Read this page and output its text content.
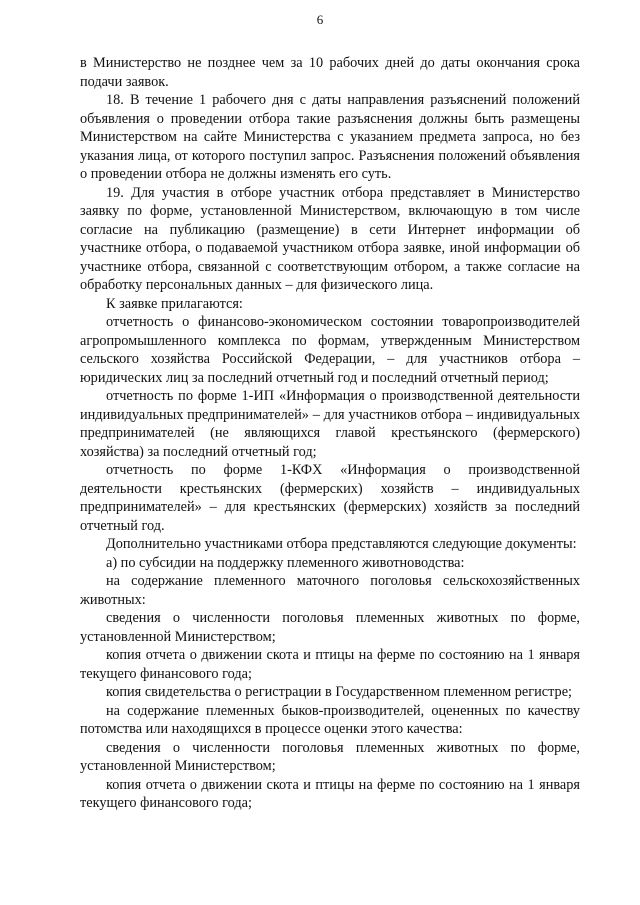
6

в Министерство не позднее чем за 10 рабочих дней до даты окончания срока подачи заявок.

18. В течение 1 рабочего дня с даты направления разъяснений положений объявления о проведении отбора такие разъяснения должны быть размещены Министерством на сайте Министерства с указанием предмета запроса, но без указания лица, от которого поступил запрос. Разъяснения положений объявления о проведении отбора не должны изменять его суть.

19. Для участия в отборе участник отбора представляет в Министерство заявку по форме, установленной Министерством, включающую в том числе согласие на публикацию (размещение) в сети Интернет информации об участнике отбора, о подаваемой участником отбора заявке, иной информации об участнике отбора, связанной с соответствующим отбором, а также согласие на обработку персональных данных – для физического лица.

К заявке прилагаются:

отчетность о финансово-экономическом состоянии товаропроизводителей агропромышленного комплекса по формам, утвержденным Министерством сельского хозяйства Российской Федерации, – для участников отбора – юридических лиц за последний отчетный год и последний отчетный период;

отчетность по форме 1-ИП «Информация о производственной деятельности индивидуальных предпринимателей» – для участников отбора – индивидуальных предпринимателей (не являющихся главой крестьянского (фермерского) хозяйства) за последний отчетный год;

отчетность по форме 1-КФХ «Информация о производственной деятельности крестьянских (фермерских) хозяйств – индивидуальных предпринимателей» – для крестьянских (фермерских) хозяйств за последний отчетный год.

Дополнительно участниками отбора представляются следующие документы:

а) по субсидии на поддержку племенного животноводства:

на содержание племенного маточного поголовья сельскохозяйственных животных:

сведения о численности поголовья племенных животных по форме, установленной Министерством;

копия отчета о движении скота и птицы на ферме по состоянию на 1 января текущего финансового года;

копия свидетельства о регистрации в Государственном племенном регистре;

на содержание племенных быков-производителей, оцененных по качеству потомства или находящихся в процессе оценки этого качества:

сведения о численности поголовья племенных животных по форме, установленной Министерством;

копия отчета о движении скота и птицы на ферме по состоянию на 1 января текущего финансового года;
